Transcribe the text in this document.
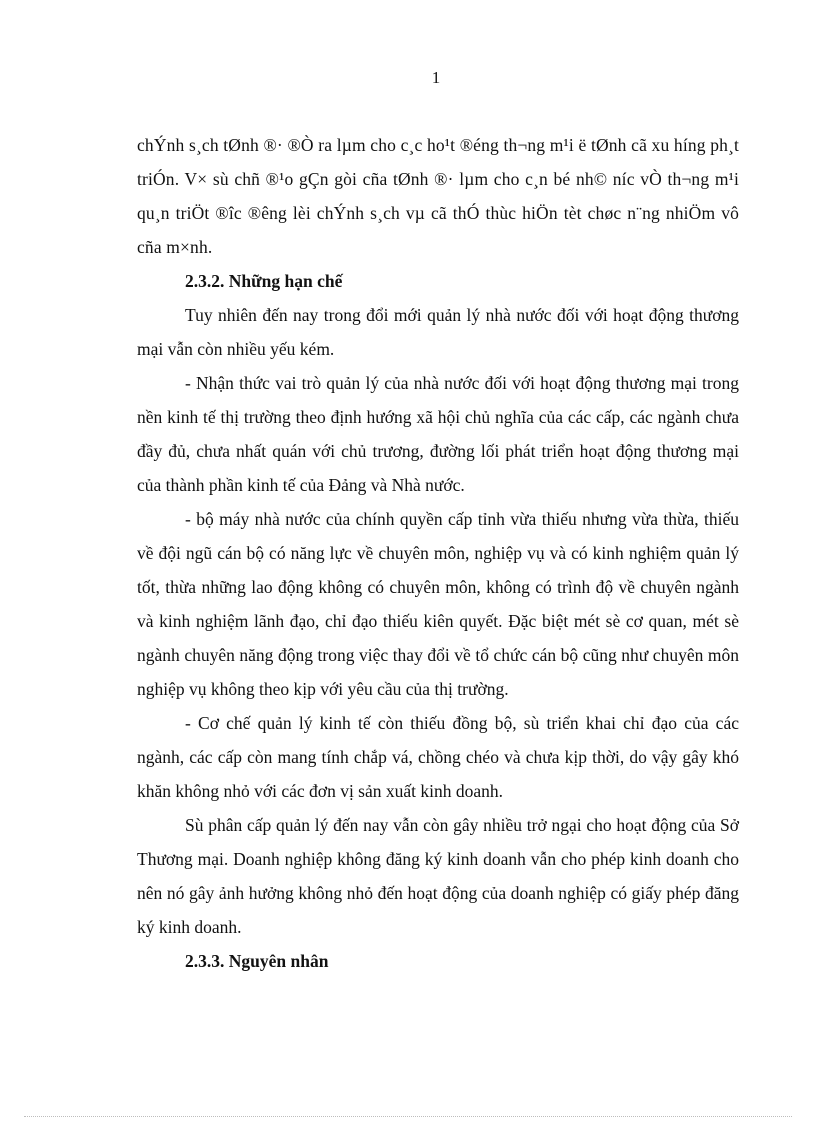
1

chÝnh s¸ch tØnh ®· ®Ò ra lµm cho c¸c ho¹t ®éng th¬ng m¹i ë tØnh cã xu híng ph¸t triÓn. V× sù chñ ®¹o gÇn gòi cña tØnh ®· lµm cho c¸n bé nh© níc vÒ th¬ng m¹i qu¸n triÖt ®îc ®êng lèi chÝnh s¸ch vµ cã thÓ thùc hiÖn tèt chøc n¨ng nhiÖm vô cña m×nh.

2.3.2. Những hạn chế

Tuy nhiên đến nay trong đổi mới quản lý nhà nước đối với hoạt động thương mại vẫn còn nhiều yếu kém.

- Nhận thức vai trò quản lý của nhà nước đối với hoạt động thương mại trong nền kinh tế thị trường theo định hướng xã hội chủ nghĩa của các cấp, các ngành chưa đầy đủ, chưa nhất quán với chủ trương, đường lối phát triển hoạt động thương mại của thành phần kinh tế của Đảng và Nhà nước.

- bộ máy nhà nước của chính quyền cấp tỉnh vừa thiếu nhưng vừa thừa, thiếu về đội ngũ cán bộ có năng lực về chuyên môn, nghiệp vụ và có kinh nghiệm quản lý tốt, thừa những lao động không có chuyên môn, không có trình độ về chuyên ngành và kinh nghiệm lãnh đạo, chỉ đạo thiếu kiên quyết. Đặc biệt mét sè cơ quan, mét sè ngành chuyên năng động trong việc thay đổi về tổ chức cán bộ cũng như chuyên môn nghiệp vụ không theo kịp với yêu cầu của thị trường.

- Cơ chế quản lý kinh tế còn thiếu đồng bộ, sù triển khai chỉ đạo của các ngành, các cấp còn mang tính chắp vá, chồng chéo và chưa kịp thời, do vậy gây khó khăn không nhỏ với các đơn vị sản xuất kinh doanh.

Sù phân cấp quản lý đến nay vẫn còn gây nhiều trở ngại cho hoạt động của Sở Thương mại. Doanh nghiệp không đăng ký kinh doanh vẫn cho phép kinh doanh cho nên nó gây ảnh hưởng không nhỏ đến hoạt động của doanh nghiệp có giấy phép đăng ký kinh doanh.

2.3.3. Nguyên nhân
